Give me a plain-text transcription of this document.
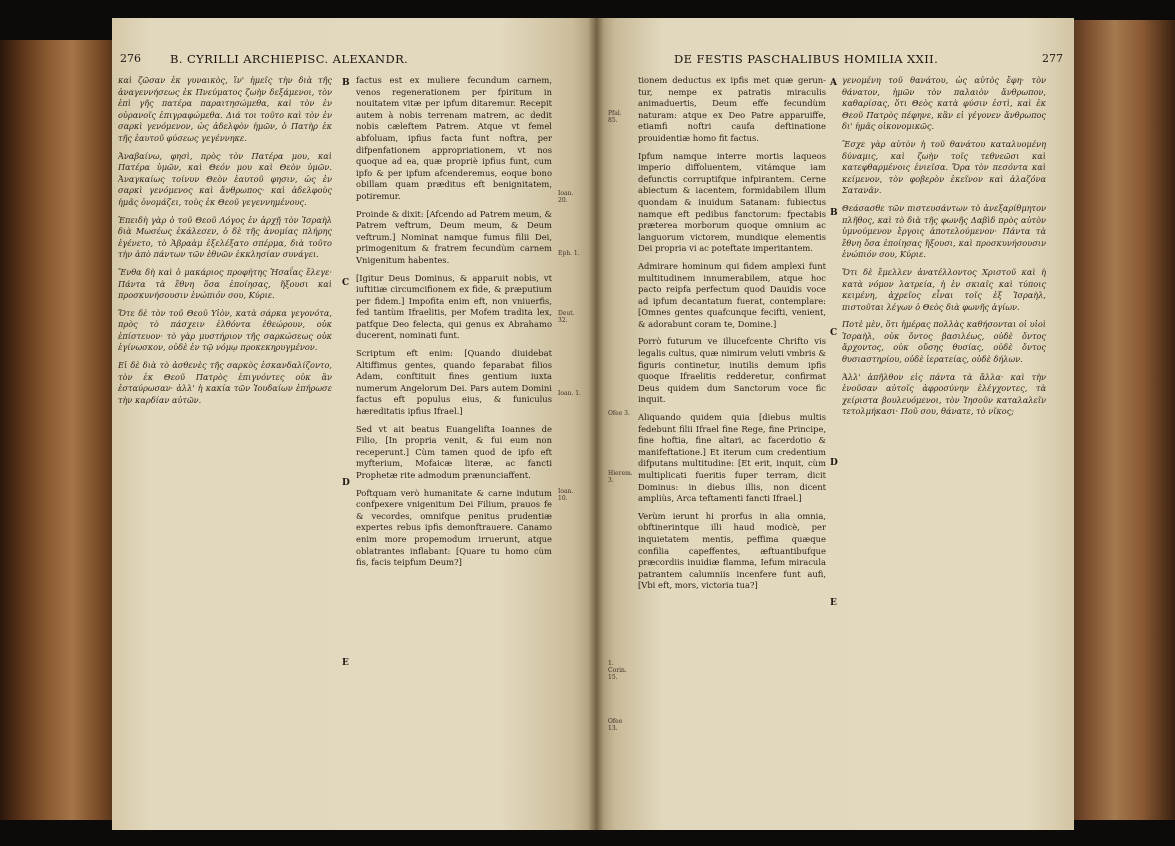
276	B. CYRILLI ARCHIEPISC. ALEXANDR.

καὶ ζῶσαν ἐκ γυναικὸς, ἵν' ἡμεῖς τὴν διὰ τῆς ἀναγεννήσεως ἐκ Πνεύματος ζωὴν δεξάμενοι, τὸν ἐπὶ γῆς πατέρα παραιτησώμεθα, καὶ τὸν ἐν οὐρανοῖς ἐπιγραφώμεθα. Διά τοι τοῦτο καὶ τὸν ἐν σαρκὶ γενόμενον, ὡς ἀδελφὸν ἡμῶν, ὁ Πατὴρ ἐκ τῆς ἑαυτοῦ φύσεως γεγέννηκε.

Ἀναβαίνω, φησὶ, πρὸς τὸν Πατέρα μου, καὶ Πατέρα ὑμῶν, καὶ Θεόν μου καὶ Θεὸν ὑμῶν. Ἀναγκαίως τοίνυν Θεὸν ἑαυτοῦ φησιν, ὡς ἐν σαρκὶ γενόμενος καὶ ἄνθρωπος· καὶ ἀδελφοὺς ἡμᾶς ὀνομάζει, τοὺς ἐκ Θεοῦ γεγεννημένους.

Ἐπειδὴ γὰρ ὁ τοῦ Θεοῦ Λόγος ἐν ἀρχῇ τὸν Ἰσραὴλ διὰ Μωσέως ἐκάλεσεν, ὁ δὲ τῆς ἀνομίας πλήρης ἐγένετο, τὸ Ἀβραὰμ ἐξελέξατο σπέρμα, διὰ τοῦτο τὴν ἀπὸ πάντων τῶν ἐθνῶν ἐκκλησίαν συνάγει.

Ἔνθα δὴ καὶ ὁ μακάριος προφήτης Ἡσαΐας ἔλεγε· Πάντα τὰ ἔθνη ὅσα ἐποίησας, ἥξουσι καὶ προσκυνήσουσιν ἐνώπιόν σου, Κύριε.

Ὅτε δὲ τὸν τοῦ Θεοῦ Υἱὸν, κατὰ σάρκα γεγονότα, πρὸς τὸ πάσχειν ἐλθόντα ἐθεώρουν, οὐκ ἐπίστευον· τὸ γὰρ μυστήριον τῆς σαρκώσεως οὐκ ἐγίνωσκον, οὐδὲ ἐν τῷ νόμῳ προκεκηρυγμένον.

Εἰ δὲ διὰ τὸ ἀσθενὲς τῆς σαρκὸς ἐσκανδαλίζοντο, τὸν ἐκ Θεοῦ Πατρὸς ἐπιγνόντες οὐκ ἂν ἐσταύρωσαν· ἀλλ' ἡ κακία τῶν Ἰουδαίων ἐπήρωσε τὴν καρδίαν αὐτῶν.

B
C
D
E

factus est ex muliere fecundum carnem, venos regenerationem per fpiritum in nouitatem vitæ per ipfum ditaremur. Recepit autem à nobis terrenam matrem, ac dedit nobis cæleftem Patrem. Atque vt femel abfoluam, ipfius facta funt noftra, per difpenfationem appropriationem, vt nos quoque ad ea, quæ propriè ipfius funt, cum ipfo & per ipfum afcenderemus, eoque bono obillam quam præditus eft benignitatem, potiremur.

Proinde & dixit: [Afcendo ad Patrem meum, & Patrem veftrum, Deum meum, & Deum veftrum.] Nominat namque fumus filii Dei, primogenitum & fratrem fecundùm carnem Vnigenitum habentes.

[Igitur Deus Dominus, & apparuit nobis, vt iuftitiæ circumcifionem ex fide, & præputium per fidem.] Impofita enim eft, non vniuerfis, fed tantùm Ifraelitis, per Mofem tradita lex, patfque Deo felecta, qui genus ex Abrahamo ducerent, nominati funt.

Scriptum eft enim: [Quando diuidebat Altiffimus gentes, quando feparabat filios Adam, conftituit fines gentium iuxta numerum Angelorum Dei. Pars autem Domini factus eft populus eius, & funiculus hæreditatis ipfius Ifrael.]

Sed vt ait beatus Euangelifta Ioannes de Filio, [In propria venit, & fui eum non receperunt.] Cùm tamen quod de ipfo eft myfterium, Mofaicæ literæ, ac fancti Prophetæ rite admodum prænunciaffent.

Poftquam verò humanitate & carne indutum confpexere vnigenitum Dei Filium, prauos fe & vecordes, omnifque penitus prudentiæ expertes rebus ipfis demonftrauere. Canamo enim more propemodum irruerunt, atque oblatrantes inflabant: [Quare tu homo cùm fis, facis teipfum Deum?]

Ioan. 20.
Eph. 1.
Deut. 32.
Ioan. 1.
Ioan. 10.
DE FESTIS PASCHALIBUS HOMILIA XXII.	277
Pfal. 85.
Ofee 3.
Hierem. 3.
1. Corin. 15.
Ofee 13.

tionem deductus ex ipfis met quæ gerun-tur, nempe ex patratis miraculis animaduertis, Deum effe fecundùm naturam: atque ex Deo Patre apparuiffe, etiamfi noftri caufa deftinatione prouidentiæ homo fit factus.

Ipfum namque interre mortis laqueos imperio diffoluentem, vitámque iam defunctis corruptifque infpirantem. Cerne abiectum & iacentem, formidabilem illum quondam & inuidum Satanam: fubiectus namque eft pedibus fanctorum: fpectabis præterea morborum quoque omnium ac languorum victorem, mundique elementis Dei propria vi ac poteftate imperitantem.

Admirare hominum qui fidem amplexi funt multitudinem innumerabilem, atque hoc pacto reipfa perfectum quod Dauidis voce ad ipfum decantatum fuerat, contemplare: [Omnes gentes quafcunque fecifti, venient, & adorabunt coram te, Domine.]

Porrò futurum ve illucefcente Chrifto vis legalis cultus, quæ nimirum veluti vmbris & figuris continetur, inutilis demum ipfis quoque Ifraelitis redderetur, confirmat Deus quidem dum Sanctorum voce fic inquit.

Aliquando quidem quia [diebus multis fedebunt filii Ifrael fine Rege, fine Principe, fine hoftia, fine altari, ac facerdotio & manifeftatione.] Et iterum cum credentium difputans multitudine: [Et erit, inquit, cùm multiplicati fueritis fuper terram, dicit Dominus: in diebus illis, non dicent ampliùs, Arca teftamenti fancti Ifrael.]

Verùm ierunt hi prorfus in alia omnia, obftinerintque illi haud modicè, per inquietatem mentis, peffima quæque confilia capeffentes, æftuantibufque præcordiis inuidiæ flamma, Iefum miracula patrantem calumniis incenfere funt aufi, [Vbi eft, mors, victoria tua?]

A
B
C
D
E

γενομένη τοῦ θανάτου, ὡς αὐτὸς ἔφη· τὸν θάνατον, ἡμῶν τὸν παλαιὸν ἄνθρωπον, καθαρίσας, ὅτι Θεὸς κατὰ φύσιν ἐστὶ, καὶ ἐκ Θεοῦ Πατρὸς πέφηνε, κἂν εἰ γέγονεν ἄνθρωπος δι' ἡμᾶς οἰκονομικῶς.

Ἔσχε γὰρ αὐτὸν ἡ τοῦ θανάτου καταλυομένη δύναμις, καὶ ζωὴν τοῖς τεθνεῶσι καὶ κατεφθαρμένοις ἐνιεῖσα. Ὅρα τὸν πεσόντα καὶ κείμενον, τὸν φοβερὸν ἐκεῖνον καὶ ἀλαζόνα Σατανᾶν.

Θεάσασθε τῶν πιστευσάντων τὸ ἀνεξαρίθμητον πλῆθος, καὶ τὸ διὰ τῆς φωνῆς Δαβὶδ πρὸς αὐτὸν ὑμνούμενον ἔργοις ἀποτελούμενον· Πάντα τὰ ἔθνη ὅσα ἐποίησας ἥξουσι, καὶ προσκυνήσουσιν ἐνώπιόν σου, Κύριε.

Ὅτι δὲ ἔμελλεν ἀνατέλλοντος Χριστοῦ καὶ ἡ κατὰ νόμον λατρεία, ἡ ἐν σκιαῖς καὶ τύποις κειμένη, ἀχρεῖος εἶναι τοῖς ἐξ Ἰσραὴλ, πιστοῦται λέγων ὁ Θεὸς διὰ φωνῆς ἁγίων.

Ποτὲ μὲν, ὅτι ἡμέρας πολλὰς καθήσονται οἱ υἱοὶ Ἰσραὴλ, οὐκ ὄντος βασιλέως, οὐδὲ ὄντος ἄρχοντος, οὐκ οὔσης θυσίας, οὐδὲ ὄντος θυσιαστηρίου, οὐδὲ ἱερατείας, οὐδὲ δήλων.

Ἀλλ' ἀπῆλθον εἰς πάντα τὰ ἄλλα· καὶ τὴν ἐνοῦσαν αὐτοῖς ἀφροσύνην ἐλέγχοντες, τὰ χείριστα βουλευόμενοι, τὸν Ἰησοῦν καταλαλεῖν τετολμήκασι· Ποῦ σου, θάνατε, τὸ νῖκος;
